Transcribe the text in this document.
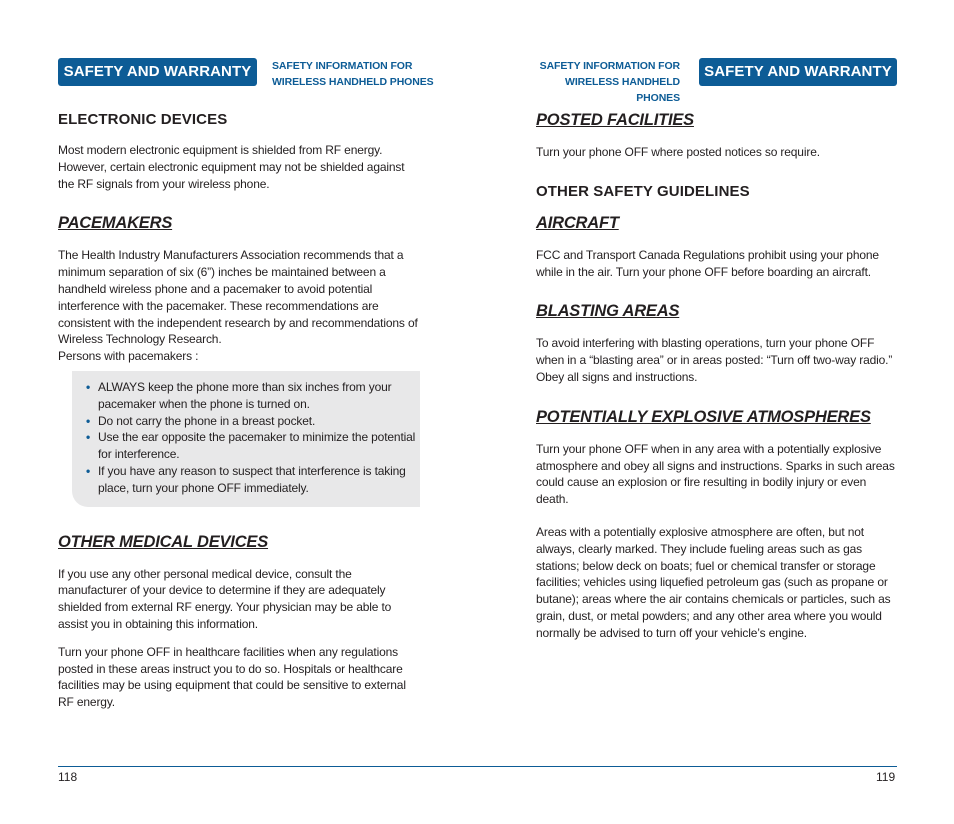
SAFETY AND WARRANTY	SAFETY INFORMATION FOR
WIRELESS HANDHELD PHONES
ELECTRONIC DEVICES

Most modern electronic equipment is shielded from RF energy. However, certain electronic equipment may not be shielded against the RF signals from your wireless phone.

PACEMAKERS

The Health Industry Manufacturers Association recommends that a minimum separation of six (6”) inches be maintained between a handheld wireless phone and a pacemaker to avoid potential interference with the pacemaker. These recommendations are consistent with the independent research by and recommendations of Wireless Technology Research.

Persons with pacemakers :

• ALWAYS keep the phone more than six inches from your pacemaker when the phone is turned on.
• Do not carry the phone in a breast pocket.
• Use the ear opposite the pacemaker to minimize the potential for interference.
• If you have any reason to suspect that interference is taking place, turn your phone OFF immediately.
OTHER MEDICAL DEVICES

If you use any other personal medical device, consult the manufacturer of your device to determine if they are adequately shielded from external RF energy. Your physician may be able to assist you in obtaining this information.

Turn your phone OFF in healthcare facilities when any regulations posted in these areas instruct you to do so. Hospitals or healthcare facilities may be using equipment that could be sensitive to external RF energy.

118
SAFETY INFORMATION FOR
WIRELESS HANDHELD PHONES
SAFETY AND WARRANTY
POSTED FACILITIES

Turn your phone OFF where posted notices so require.

OTHER SAFETY GUIDELINES
AIRCRAFT

FCC and Transport Canada Regulations prohibit using your phone while in the air. Turn your phone OFF before boarding an aircraft.

BLASTING AREAS

To avoid interfering with blasting operations, turn your phone OFF when in a “blasting area” or in areas posted: “Turn off two-way radio.” Obey all signs and instructions.

POTENTIALLY EXPLOSIVE ATMOSPHERES

Turn your phone OFF when in any area with a potentially explosive atmosphere and obey all signs and instructions. Sparks in such areas could cause an explosion or fire resulting in bodily injury or even death.

Areas with a potentially explosive atmosphere are often, but not always, clearly marked. They include fueling areas such as gas stations; below deck on boats; fuel or chemical transfer or storage facilities; vehicles using liquefied petroleum gas (such as propane or butane); areas where the air contains chemicals or particles, such as grain, dust, or metal powders; and any other area where you would normally be advised to turn off your vehicle’s engine.

119
